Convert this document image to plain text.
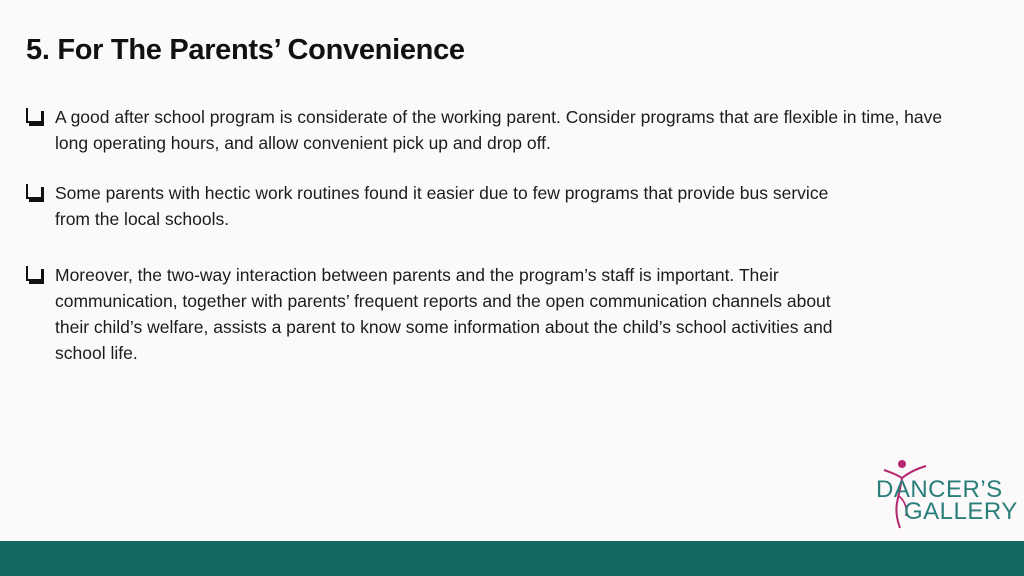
5. For The Parents’ Convenience
A good after school program is considerate of the working parent. Consider programs that are flexible in time, have long operating hours, and allow convenient pick up and drop off.
Some parents with hectic work routines found it easier due to few programs that provide bus service from the local schools.
Moreover, the two-way interaction between parents and the program’s staff is important. Their communication, together with parents’ frequent reports and the open communication channels about their child’s welfare, assists a parent to know some information about the child’s school activities and school life.
DANCER’S
GALLERY
